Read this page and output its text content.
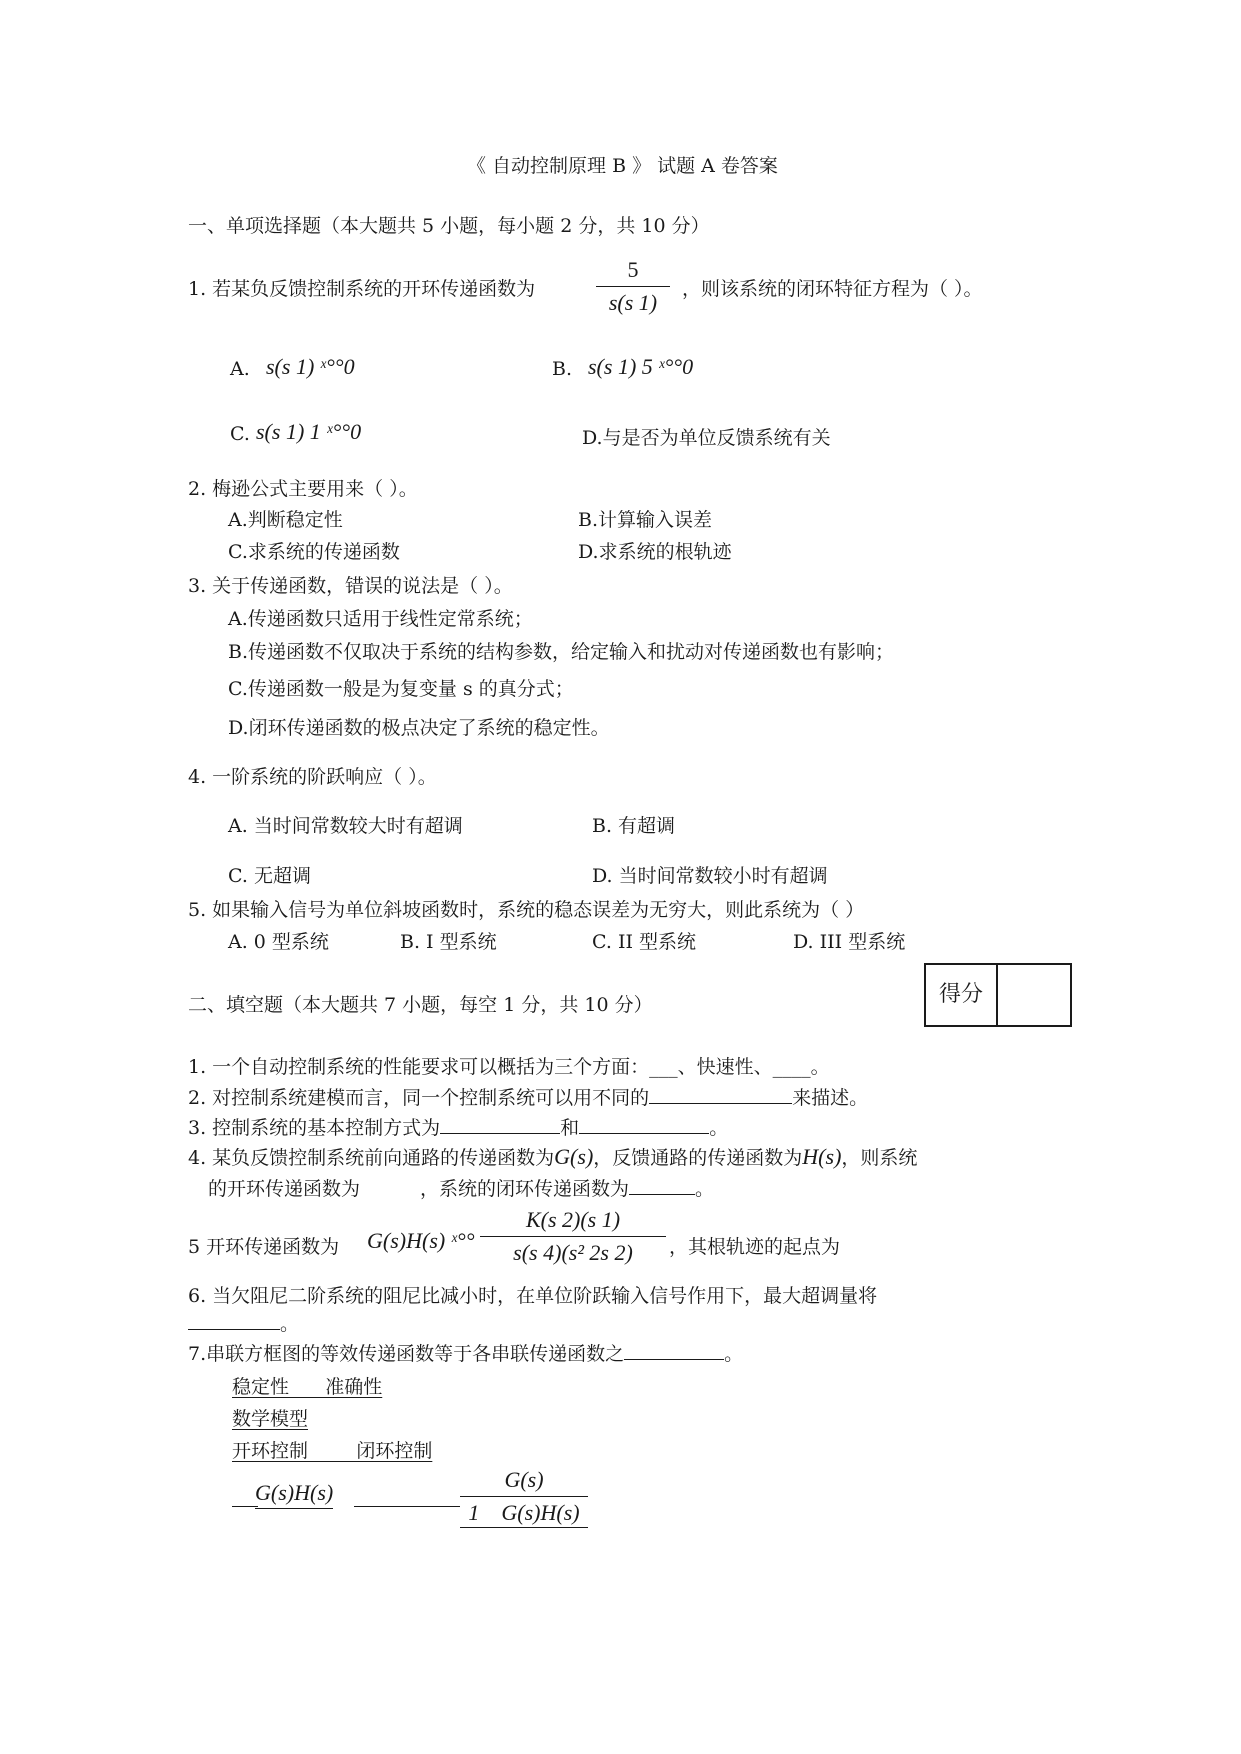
《 自动控制原理 B 》 试题 A 卷答案
一、单项选择题（本大题共 5 小题，每小题 2 分，共 10 分）
1. 若某负反馈控制系统的开环传递函数为
5
s(s 1)
，则该系统的闭环特征方程为（ ）。
A. s(s 1) ˣ°°0	B. s(s 1) 5 ˣ°°0
C. s(s 1) 1 ˣ°°0	D.与是否为单位反馈系统有关
2. 梅逊公式主要用来（ ）。
A.判断稳定性	B.计算输入误差
C.求系统的传递函数	D.求系统的根轨迹
3. 关于传递函数，错误的说法是（ ）。
A.传递函数只适用于线性定常系统；
B.传递函数不仅取决于系统的结构参数，给定输入和扰动对传递函数也有影响；
C.传递函数一般是为复变量 s 的真分式；
D.闭环传递函数的极点决定了系统的稳定性。
4. 一阶系统的阶跃响应（ ）。
A. 当时间常数较大时有超调	B. 有超调
C. 无超调	D. 当时间常数较小时有超调
5. 如果输入信号为单位斜坡函数时，系统的稳态误差为无穷大，则此系统为（ ）
A. 0 型系统	B. I 型系统	C. II 型系统	D. III 型系统
二、填空题（本大题共 7 小题，每空 1 分，共 10 分）	得分
1. 一个自动控制系统的性能要求可以概括为三个方面：___、快速性、____。
2. 对控制系统建模而言，同一个控制系统可以用不同的	来描述。
3. 控制系统的基本控制方式为	和	。
4. 某负反馈控制系统前向通路的传递函数为G(s)，反馈通路的传递函数为H(s)，则系统
的开环传递函数为	，系统的闭环传递函数为	。
5 开环传递函数为 G(s)H(s) ˣ°°
K(s 2)(s 1)
s(s 4)(s² 2s 2)	，其根轨迹的起点为
6. 当欠阻尼二阶系统的阻尼比减小时，在单位阶跃输入信号作用下，最大超调量将
。
7.串联方框图的等效传递函数等于各串联传递函数之	。
稳定性      准确性
数学模型
开环控制        闭环控制
G(s)H(s)
G(s)
1    G(s)H(s)
